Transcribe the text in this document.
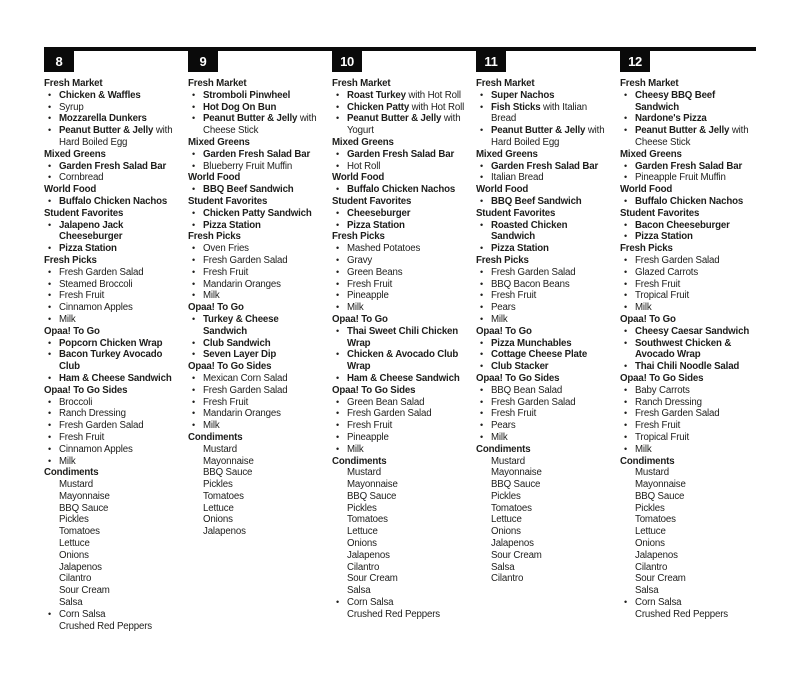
8
Fresh Market
• Chicken & Waffles
• Syrup
• Mozzarella Dunkers
• Peanut Butter & Jelly with Hard Boiled Egg
Mixed Greens
• Garden Fresh Salad Bar
• Cornbread
World Food
• Buffalo Chicken Nachos
Student Favorites
• Jalapeno Jack Cheeseburger
• Pizza Station
Fresh Picks
• Fresh Garden Salad
• Steamed Broccoli
• Fresh Fruit
• Cinnamon Apples
• Milk
Opaa! To Go
• Popcorn Chicken Wrap
• Bacon Turkey Avocado Club
• Ham & Cheese Sandwich
Opaa! To Go Sides
• Broccoli
• Ranch Dressing
• Fresh Garden Salad
• Fresh Fruit
• Cinnamon Apples
• Milk
Condiments
Mustard
Mayonnaise
BBQ Sauce
Pickles
Tomatoes
Lettuce
Onions
Jalapenos
Cilantro
Sour Cream
Salsa
• Corn Salsa
Crushed Red Peppers
9
Fresh Market
• Stromboli Pinwheel
• Hot Dog On Bun
• Peanut Butter & Jelly with Cheese Stick
Mixed Greens
• Garden Fresh Salad Bar
• Blueberry Fruit Muffin
World Food
• BBQ Beef Sandwich
Student Favorites
• Chicken Patty Sandwich
• Pizza Station
Fresh Picks
• Oven Fries
• Fresh Garden Salad
• Fresh Fruit
• Mandarin Oranges
• Milk
Opaa! To Go
• Turkey & Cheese Sandwich
• Club Sandwich
• Seven Layer Dip
Opaa! To Go Sides
• Mexican Corn Salad
• Fresh Garden Salad
• Fresh Fruit
• Mandarin Oranges
• Milk
Condiments
Mustard
Mayonnaise
BBQ Sauce
Pickles
Tomatoes
Lettuce
Onions
Jalapenos
10
Fresh Market
• Roast Turkey with Hot Roll
• Chicken Patty with Hot Roll
• Peanut Butter & Jelly with Yogurt
Mixed Greens
• Garden Fresh Salad Bar
• Hot Roll
World Food
• Buffalo Chicken Nachos
Student Favorites
• Cheeseburger
• Pizza Station
Fresh Picks
• Mashed Potatoes
• Gravy
• Green Beans
• Fresh Fruit
• Pineapple
• Milk
Opaa! To Go
• Thai Sweet Chili Chicken Wrap
• Chicken & Avocado Club Wrap
• Ham & Cheese Sandwich
Opaa! To Go Sides
• Green Bean Salad
• Fresh Garden Salad
• Fresh Fruit
• Pineapple
• Milk
Condiments
Mustard
Mayonnaise
BBQ Sauce
Pickles
Tomatoes
Lettuce
Onions
Jalapenos
Cilantro
Sour Cream
Salsa
• Corn Salsa
Crushed Red Peppers
11
Fresh Market
• Super Nachos
• Fish Sticks with Italian Bread
• Peanut Butter & Jelly with Hard Boiled Egg
Mixed Greens
• Garden Fresh Salad Bar
• Italian Bread
World Food
• BBQ Beef Sandwich
Student Favorites
• Roasted Chicken Sandwich
• Pizza Station
Fresh Picks
• Fresh Garden Salad
• BBQ Bacon Beans
• Fresh Fruit
• Pears
• Milk
Opaa! To Go
• Pizza Munchables
• Cottage Cheese Plate
• Club Stacker
Opaa! To Go Sides
• BBQ Bean Salad
• Fresh Garden Salad
• Fresh Fruit
• Pears
• Milk
Condiments
Mustard
Mayonnaise
BBQ Sauce
Pickles
Tomatoes
Lettuce
Onions
Jalapenos
Sour Cream
Salsa
Cilantro
12
Fresh Market
• Cheesy BBQ Beef Sandwich
• Nardone's Pizza
• Peanut Butter & Jelly with Cheese Stick
Mixed Greens
• Garden Fresh Salad Bar
• Pineapple Fruit Muffin
World Food
• Buffalo Chicken Nachos
Student Favorites
• Bacon Cheeseburger
• Pizza Station
Fresh Picks
• Fresh Garden Salad
• Glazed Carrots
• Fresh Fruit
• Tropical Fruit
• Milk
Opaa! To Go
• Cheesy Caesar Sandwich
• Southwest Chicken & Avocado Wrap
• Thai Chili Noodle Salad
Opaa! To Go Sides
• Baby Carrots
• Ranch Dressing
• Fresh Garden Salad
• Fresh Fruit
• Tropical Fruit
• Milk
Condiments
Mustard
Mayonnaise
BBQ Sauce
Pickles
Tomatoes
Lettuce
Onions
Jalapenos
Cilantro
Sour Cream
Salsa
• Corn Salsa
Crushed Red Peppers
